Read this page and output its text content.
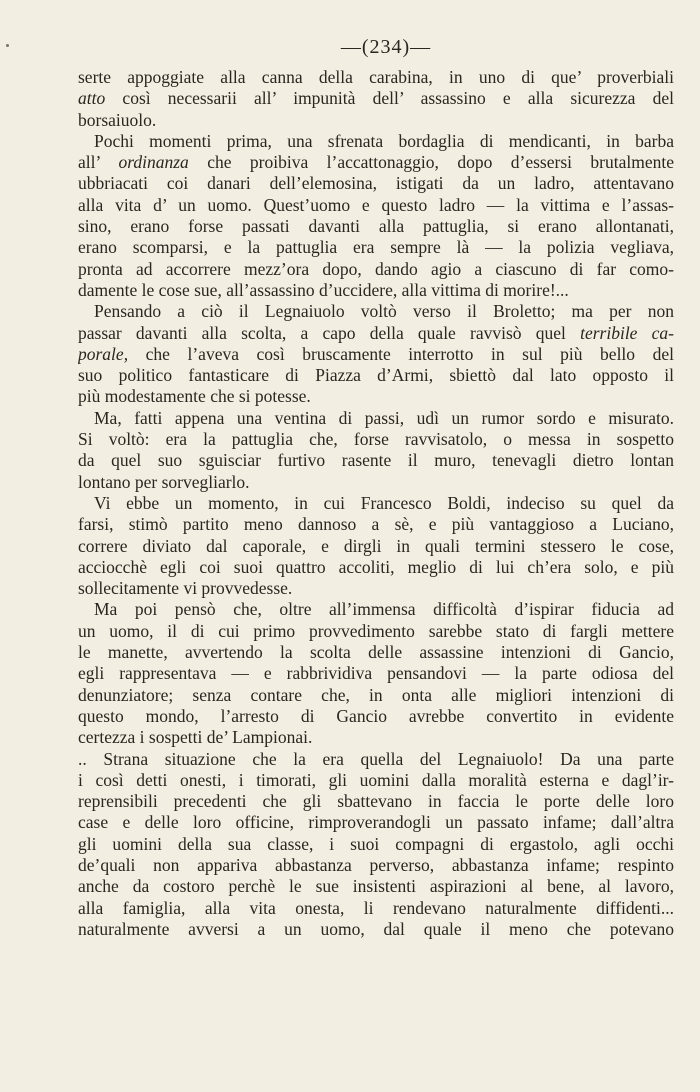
—(234)—
serte appoggiate alla canna della carabina, in uno di que’ proverbiali
atto così necessarii all’ impunità dell’ assassino e alla sicurezza del
borsaiuolo.
Pochi momenti prima, una sfrenata bordaglia di mendicanti, in barba
all’ ordinanza che proibiva l’accattonaggio, dopo d’essersi brutalmente
ubbriacati coi danari dell’elemosina, istigati da un ladro, attentavano
alla vita d’ un uomo. Quest’uomo e questo ladro — la vittima e l’assas-
sino, erano forse passati davanti alla pattuglia, si erano allontanati,
erano scomparsi, e la pattuglia era sempre là — la polizia vegliava,
pronta ad accorrere mezz’ora dopo, dando agio a ciascuno di far como-
damente le cose sue, all’assassino d’uccidere, alla vittima di morire!...
Pensando a ciò il Legnaiuolo voltò verso il Broletto; ma per non
passar davanti alla scolta, a capo della quale ravvisò quel terribile ca-
porale, che l’aveva così bruscamente interrotto in sul più bello del
suo politico fantasticare di Piazza d’Armi, sbiettò dal lato opposto il
più modestamente che si potesse.
Ma, fatti appena una ventina di passi, udì un rumor sordo e misurato.
Si voltò: era la pattuglia che, forse ravvisatolo, o messa in sospetto
da quel suo sguisciar furtivo rasente il muro, tenevagli dietro lontan
lontano per sorvegliarlo.
Vi ebbe un momento, in cui Francesco Boldi, indeciso su quel da
farsi, stimò partito meno dannoso a sè, e più vantaggioso a Luciano,
correre diviato dal caporale, e dirgli in quali termini stessero le cose,
acciocchè egli coi suoi quattro accoliti, meglio di lui ch’era solo, e più
sollecitamente vi provvedesse.
Ma poi pensò che, oltre all’immensa difficoltà d’ispirar fiducia ad
un uomo, il di cui primo provvedimento sarebbe stato di fargli mettere
le manette, avvertendo la scolta delle assassine intenzioni di Gancio,
egli rappresentava — e rabbrividiva pensandovi — la parte odiosa del
denunziatore; senza contare che, in onta alle migliori intenzioni di
questo mondo, l’arresto di Gancio avrebbe convertito in evidente
certezza i sospetti de’ Lampionai.
.. Strana situazione che la era quella del Legnaiuolo! Da una parte
i così detti onesti, i timorati, gli uomini dalla moralità esterna e dagl’ir-
reprensibili precedenti che gli sbattevano in faccia le porte delle loro
case e delle loro officine, rimproverandogli un passato infame; dall’altra
gli uomini della sua classe, i suoi compagni di ergastolo, agli occhi
de’quali non appariva abbastanza perverso, abbastanza infame; respinto
anche da costoro perchè le sue insistenti aspirazioni al bene, al lavoro,
alla famiglia, alla vita onesta, li rendevano naturalmente diffidenti...
naturalmente avversi a un uomo, dal quale il meno che potevano
